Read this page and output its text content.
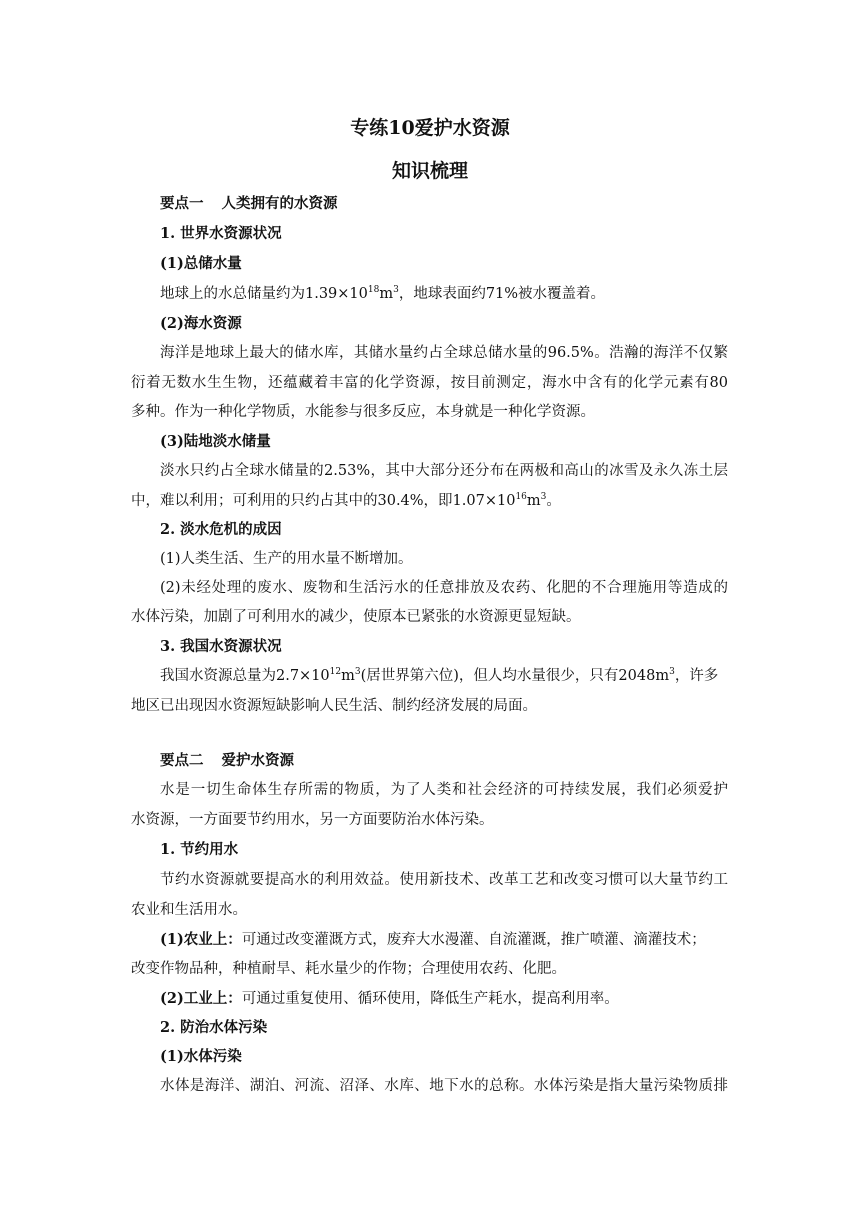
专练10爱护水资源
知识梳理
要点一 人类拥有的水资源
1. 世界水资源状况
(1)总储水量
地球上的水总储量约为$1.39\times 10^{18}m^3$，地球表面约71%被水覆盖着。
(2)海水资源
海洋是地球上最大的储水库，其储水量约占全球总储水量的96.5%。浩瀚的海洋不仅繁
衍着无数水生生物，还蕴藏着丰富的化学资源，按目前测定，海水中含有的化学元素有80
多种。作为一种化学物质，水能参与很多反应，本身就是一种化学资源。
(3)陆地淡水储量
淡水只约占全球水储量的2.53%，其中大部分还分布在两极和高山的冰雪及永久冻土层
中，难以利用；可利用的只约占其中的30.4%，即$1.07\times 10^{16}m^3$。
2. 淡水危机的成因
(1)人类生活、生产的用水量不断增加。
(2)未经处理的废水、废物和生活污水的任意排放及农药、化肥的不合理施用等造成的
水体污染，加剧了可利用水的减少，使原本已紧张的水资源更显短缺。
3. 我国水资源状况
我国水资源总量为$2.7\times 10^{12}m^3$(居世界第六位)，但人均水量很少，只有$2048m^3$，许多
地区已出现因水资源短缺影响人民生活、制约经济发展的局面。
要点二 爱护水资源
水是一切生命体生存所需的物质，为了人类和社会经济的可持续发展，我们必须爱护
水资源，一方面要节约用水，另一方面要防治水体污染。
1. 节约用水
节约水资源就要提高水的利用效益。使用新技术、改革工艺和改变习惯可以大量节约工
农业和生活用水。
(1)农业上：可通过改变灌溉方式，废弃大水漫灌、自流灌溉，推广喷灌、滴灌技术；
改变作物品种，种植耐旱、耗水量少的作物；合理使用农药、化肥。
(2)工业上：可通过重复使用、循环使用，降低生产耗水，提高利用率。
2. 防治水体污染
(1)水体污染
水体是海洋、湖泊、河流、沼泽、水库、地下水的总称。水体污染是指大量污染物质排
